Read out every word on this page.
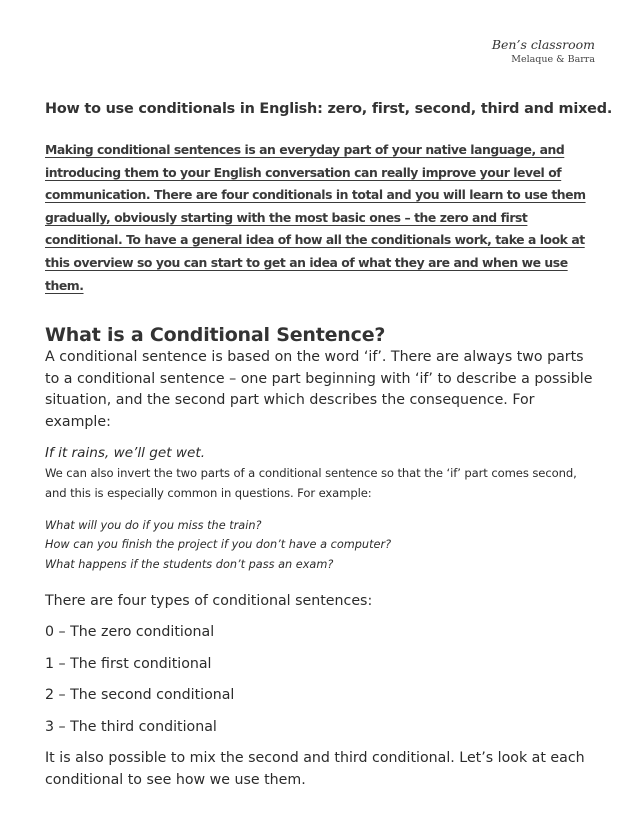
Ben’s classroom
Melaque & Barra
How to use conditionals in English: zero, first, second, third and mixed.

Making conditional sentences is an everyday part of your native language, and introducing them to your English conversation can really improve your level of communication. There are four conditionals in total and you will learn to use them gradually, obviously starting with the most basic ones – the zero and first conditional. To have a general idea of how all the conditionals work, take a look at this overview so you can start to get an idea of what they are and when we use them.

What is a Conditional Sentence?

A conditional sentence is based on the word ‘if’. There are always two parts to a conditional sentence – one part beginning with ‘if’ to describe a possible situation, and the second part which describes the consequence. For example:

If it rains, we’ll get wet.

We can also invert the two parts of a conditional sentence so that the ‘if’ part comes second, and this is especially common in questions. For example:

What will you do if you miss the train?
How can you finish the project if you don’t have a computer?
What happens if the students don’t pass an exam?

There are four types of conditional sentences:

0 – The zero conditional

1 – The first conditional

2 – The second conditional

3 – The third conditional

It is also possible to mix the second and third conditional. Let’s look at each conditional to see how we use them.
